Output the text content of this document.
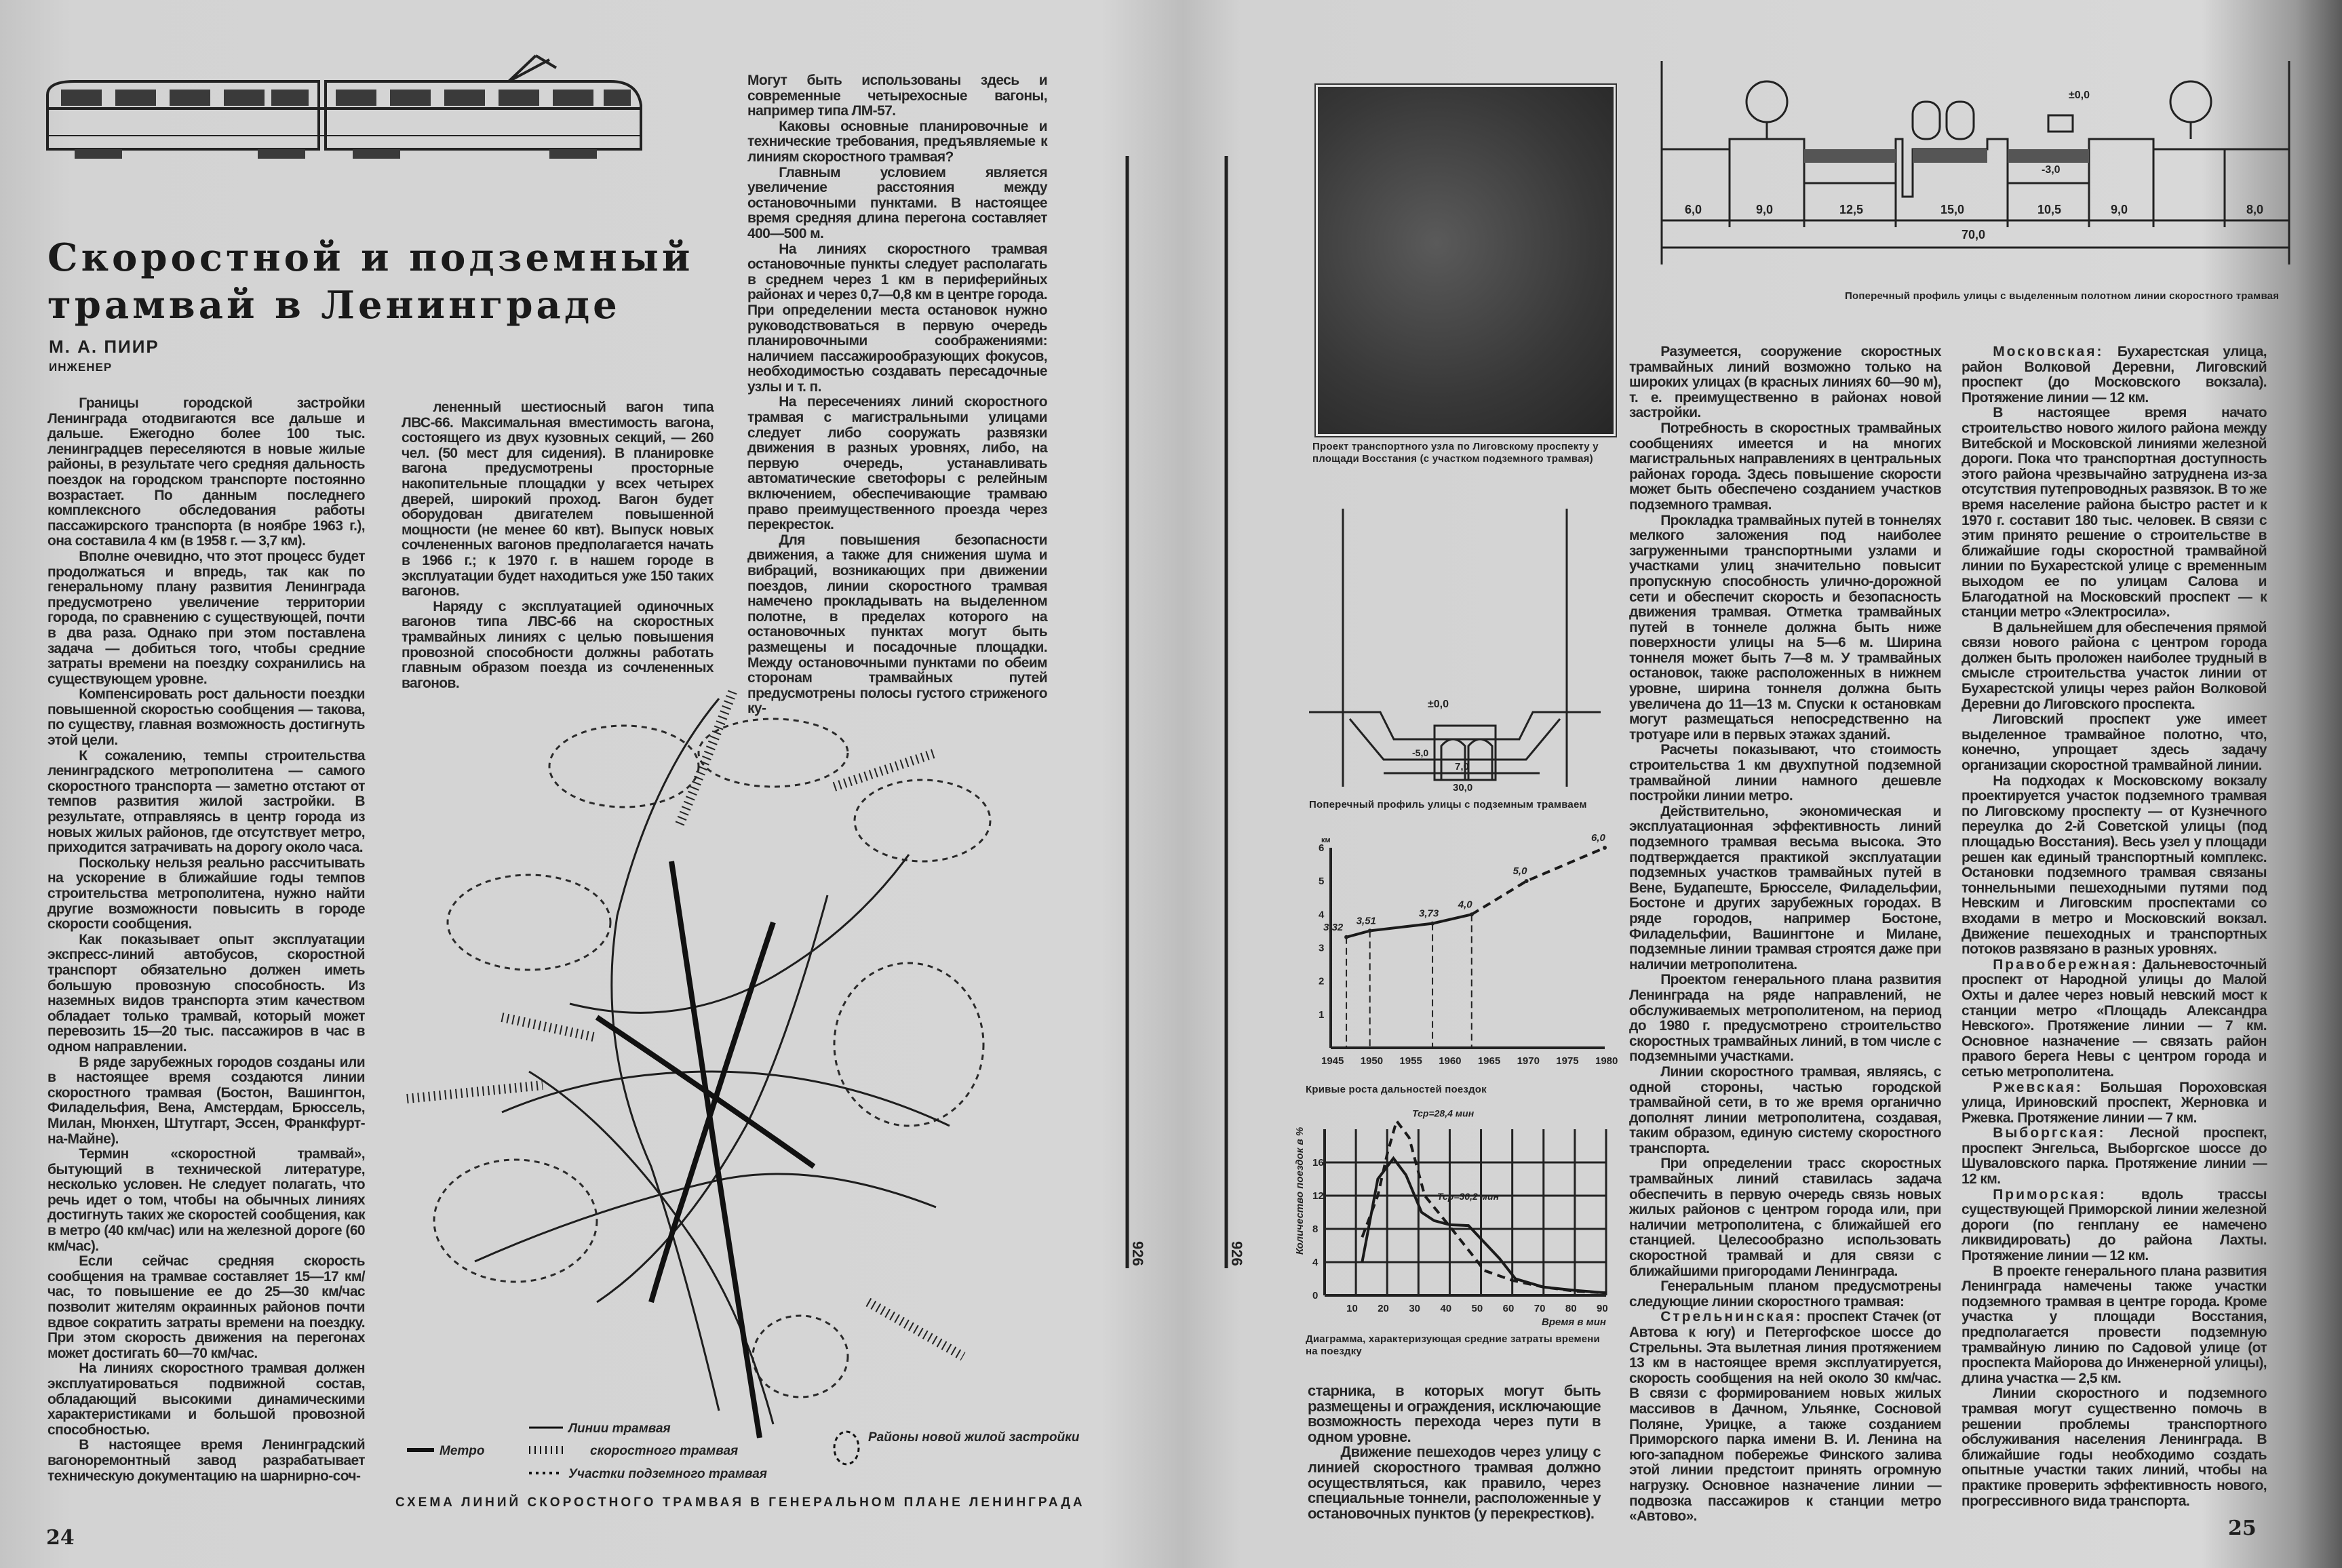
Скоростной и подземный
трамвай в Ленинграде
М. А. ПИИР
ИНЖЕНЕР

Границы городской застройки Ленинграда отодвигаются все дальше и дальше. Ежегодно более 100 тыс. ленинградцев переселяются в новые жилые районы, в результате чего средняя дальность поездок на городском транспорте постоянно возрастает. По данным последнего комплексного обследования работы пассажирского транспорта (в ноябре 1963 г.), она составила 4 км (в 1958 г. — 3,7 км).

Вполне очевидно, что этот процесс будет продолжаться и впредь, так как по генеральному плану развития Ленинграда предусмотрено увеличение территории города, по сравнению с существующей, почти в два раза. Однако при этом поставлена задача — добиться того, чтобы средние затраты времени на поездку сохранились на существующем уровне.

Компенсировать рост дальности поездки повышенной скоростью сообщения — такова, по существу, главная возможность достигнуть этой цели.

К сожалению, темпы строительства ленинградского метрополитена — самого скоростного транспорта — заметно отстают от темпов развития жилой застройки. В результате, отправляясь в центр города из новых жилых районов, где отсутствует метро, приходится затрачивать на дорогу около часа.

Поскольку нельзя реально рассчитывать на ускорение в ближайшие годы темпов строительства метрополитена, нужно найти другие возможности повысить в городе скорости сообщения.

Как показывает опыт эксплуатации экспресс-линий автобусов, скоростной транспорт обязательно должен иметь большую провозную способность. Из наземных видов транспорта этим качеством обладает только трамвай, который может перевозить 15—20 тыс. пассажиров в час в одном направлении.

В ряде зарубежных городов созданы или в настоящее время создаются линии скоростного трамвая (Бостон, Вашингтон, Филадельфия, Вена, Амстердам, Брюссель, Милан, Мюнхен, Штутгарт, Эссен, Франкфурт-на-Майне).

Термин «скоростной трамвай», бытующий в технической литературе, несколько условен. Не следует полагать, что речь идет о том, чтобы на обычных линиях достигнуть таких же скоростей сообщения, как в метро (40 км/час) или на железной дороге (60 км/час).

Если сейчас средняя скорость сообщения на трамвае составляет 15—17 км/час, то повышение ее до 25—30 км/час позволит жителям окраинных районов почти вдвое сократить затраты времени на поездку. При этом скорость движения на перегонах может достигать 60—70 км/час.

На линиях скоростного трамвая должен эксплуатироваться подвижной состав, обладающий высокими динамическими характеристиками и большой провозной способностью.

В настоящее время Ленинградский вагоноремонтный завод разрабатывает техническую документацию на шарнирно-соч-

лененный шестиосный вагон типа ЛВС-66. Максимальная вместимость вагона, состоящего из двух кузовных секций, — 260 чел. (50 мест для сидения). В планировке вагона предусмотрены просторные накопительные площадки у всех четырех дверей, широкий проход. Вагон будет оборудован двигателем повышенной мощности (не менее 60 квт). Выпуск новых сочлененных вагонов предполагается начать в 1966 г.; к 1970 г. в нашем городе в эксплуатации будет находиться уже 150 таких вагонов.

Наряду с эксплуатацией одиночных вагонов типа ЛВС-66 на скоростных трамвайных линиях с целью повышения провозной способности должны работать главным образом поезда из сочлененных вагонов.

Могут быть использованы здесь и современные четырехосные вагоны, например типа ЛМ-57.

Каковы основные планировочные и технические требования, предъявляемые к линиям скоростного трамвая?

Главным условием является увеличение расстояния между остановочными пунктами. В настоящее время средняя длина перегона составляет 400—500 м.

На линиях скоростного трамвая остановочные пункты следует располагать в среднем через 1 км в периферийных районах и через 0,7—0,8 км в центре города. При определении места остановок нужно руководствоваться в первую очередь планировочными соображениями: наличием пассажирообразующих фокусов, необходимостью создавать пересадочные узлы и т. п.

На пересечениях линий скоростного трамвая с магистральными улицами следует либо сооружать развязки движения в разных уровнях, либо, на первую очередь, устанавливать автоматические светофоры с релейным включением, обеспечивающие трамваю право преимущественного проезда через перекресток.

Для повышения безопасности движения, а также для снижения шума и вибраций, возникающих при движении поездов, линии скоростного трамвая намечено прокладывать на выделенном полотне, в пределах которого на остановочных пунктах могут быть размещены и посадочные площадки. Между остановочными пунктами по обеим сторонам трамвайных путей предусмотрены полосы густого стриженого ку-

Метро
Линии трамвая
скоростного трамвая
Участки подземного трамвая
Районы новой жилой застройки
СХЕМА ЛИНИЙ СКОРОСТНОГО ТРАМВАЯ В ГЕНЕРАЛЬНОМ ПЛАНЕ ЛЕНИНГРАДА
24	25
926	926
Проект транспортного узла по Лиговскому проспекту у площади Восстания (с участком подземного трамвая)
±0,0
-5,0
7,0
30,0
Поперечный профиль улицы с подземным трамваем
1945 1950 1955 1960 1965 1970 1975 1980
1
2
3
4
5
6
3,32
3,51
3,73
4,0
5,0
6,0
км
10 20 30 40 50 60 70 80 90
0
4
8
12
16
Время в мин
Количество поездок в %
Тср=28,4 мин
Тср=30,2 мин
Кривые роста дальностей поездок
Диаграмма, характеризующая средние затраты времени на поездку

старника, в которых могут быть размещены и ограждения, исключающие возможность перехода через пути в одном уровне.

Движение пешеходов через улицу с линией скоростного трамвая должно осуществляться, как правило, через специальные тоннели, расположенные у остановочных пунктов (у перекрестков).

±0,0
-3,0
6,0	9,0	12,5	15,0	10,5	9,0	8,0
70,0
Поперечный профиль улицы с выделенным полотном линии скоростного трамвая

Разумеется, сооружение скоростных трамвайных линий возможно только на широких улицах (в красных линиях 60—90 м), т. е. преимущественно в районах новой застройки.

Потребность в скоростных трамвайных сообщениях имеется и на многих магистральных направлениях в центральных районах города. Здесь повышение скорости может быть обеспечено созданием участков подземного трамвая.

Прокладка трамвайных путей в тоннелях мелкого заложения под наиболее загруженными транспортными узлами и участками улиц значительно повысит пропускную способность улично-дорожной сети и обеспечит скорость и безопасность движения трамвая. Отметка трамвайных путей в тоннеле должна быть ниже поверхности улицы на 5—6 м. Ширина тоннеля может быть 7—8 м. У трамвайных остановок, также расположенных в нижнем уровне, ширина тоннеля должна быть увеличена до 11—13 м. Спуски к остановкам могут размещаться непосредственно на тротуаре или в первых этажах зданий.

Расчеты показывают, что стоимость строительства 1 км двухпутной подземной трамвайной линии намного дешевле постройки линии метро.

Действительно, экономическая и эксплуатационная эффективность линий подземного трамвая весьма высока. Это подтверждается практикой эксплуатации подземных участков трамвайных путей в Вене, Будапеште, Брюсселе, Филадельфии, Бостоне и других зарубежных городах. В ряде городов, например Бостоне, Филадельфии, Вашингтоне и Милане, подземные линии трамвая строятся даже при наличии метрополитена.

Проектом генерального плана развития Ленинграда на ряде направлений, не обслуживаемых метрополитеном, на период до 1980 г. предусмотрено строительство скоростных трамвайных линий, в том числе с подземными участками.

Линии скоростного трамвая, являясь, с одной стороны, частью городской трамвайной сети, в то же время органично дополнят линии метрополитена, создавая, таким образом, единую систему скоростного транспорта.

При определении трасс скоростных трамвайных линий ставилась задача обеспечить в первую очередь связь новых жилых районов с центром города или, при наличии метрополитена, с ближайшей его станцией. Целесообразно использовать скоростной трамвай и для связи с ближайшими пригородами Ленинграда.

Генеральным планом предусмотрены следующие линии скоростного трамвая:

Стрельнинская: проспект Стачек (от Автова к югу) и Петергофское шоссе до Стрельны. Эта вылетная линия протяжением 13 км в настоящее время эксплуатируется, скорость сообщения на ней около 30 км/час. В связи с формированием новых жилых массивов в Дачном, Ульянке, Сосновой Поляне, Урицке, а также созданием Приморского парка имени В. И. Ленина на юго-западном побережье Финского залива этой линии предстоит принять огромную нагрузку. Основное назначение линии — подвозка пассажиров к станции метро «Автово».

Московская: Бухарестская улица, район Волковой Деревни, Лиговский проспект (до Московского вокзала). Протяжение линии — 12 км.

В настоящее время начато строительство нового жилого района между Витебской и Московской линиями железной дороги. Пока что транспортная доступность этого района чрезвычайно затруднена из-за отсутствия путепроводных развязок. В то же время население района быстро растет и к 1970 г. составит 180 тыс. человек. В связи с этим принято решение о строительстве в ближайшие годы скоростной трамвайной линии по Бухарестской улице с временным выходом ее по улицам Салова и Благодатной на Московский проспект — к станции метро «Электросила».

В дальнейшем для обеспечения прямой связи нового района с центром города должен быть проложен наиболее трудный в смысле строительства участок линии от Бухарестской улицы через район Волковой Деревни до Лиговского проспекта.

Лиговский проспект уже имеет выделенное трамвайное полотно, что, конечно, упрощает здесь задачу организации скоростной трамвайной линии.

На подходах к Московскому вокзалу проектируется участок подземного трамвая по Лиговскому проспекту — от Кузнечного переулка до 2-й Советской улицы (под площадью Восстания). Весь узел у площади решен как единый транспортный комплекс. Остановки подземного трамвая связаны тоннельными пешеходными путями под Невским и Лиговским проспектами со входами в метро и Московский вокзал. Движение пешеходных и транспортных потоков развязано в разных уровнях.

Правобережная: Дальневосточный проспект от Народной улицы до Малой Охты и далее через новый невский мост к станции метро «Площадь Александра Невского». Протяжение линии — 7 км. Основное назначение — связать район правого берега Невы с центром города и сетью метрополитена.

Ржевская: Большая Пороховская улица, Ириновский проспект, Жерновка и Ржевка. Протяжение линии — 7 км.

Выборгская: Лесной проспект, проспект Энгельса, Выборгское шоссе до Шуваловского парка. Протяжение линии — 12 км.

Приморская: вдоль трассы существующей Приморской линии железной дороги (по генплану ее намечено ликвидировать) до района Лахты. Протяжение линии — 12 км.

В проекте генерального плана развития Ленинграда намечены также участки подземного трамвая в центре города. Кроме участка у площади Восстания, предполагается провести подземную трамвайную линию по Садовой улице (от проспекта Майорова до Инженерной улицы), длина участка — 2,5 км.

Линии скоростного и подземного трамвая могут существенно помочь в решении проблемы транспортного обслуживания населения Ленинграда. В ближайшие годы необходимо создать опытные участки таких линий, чтобы на практике проверить эффективность нового, прогрессивного вида транспорта.
